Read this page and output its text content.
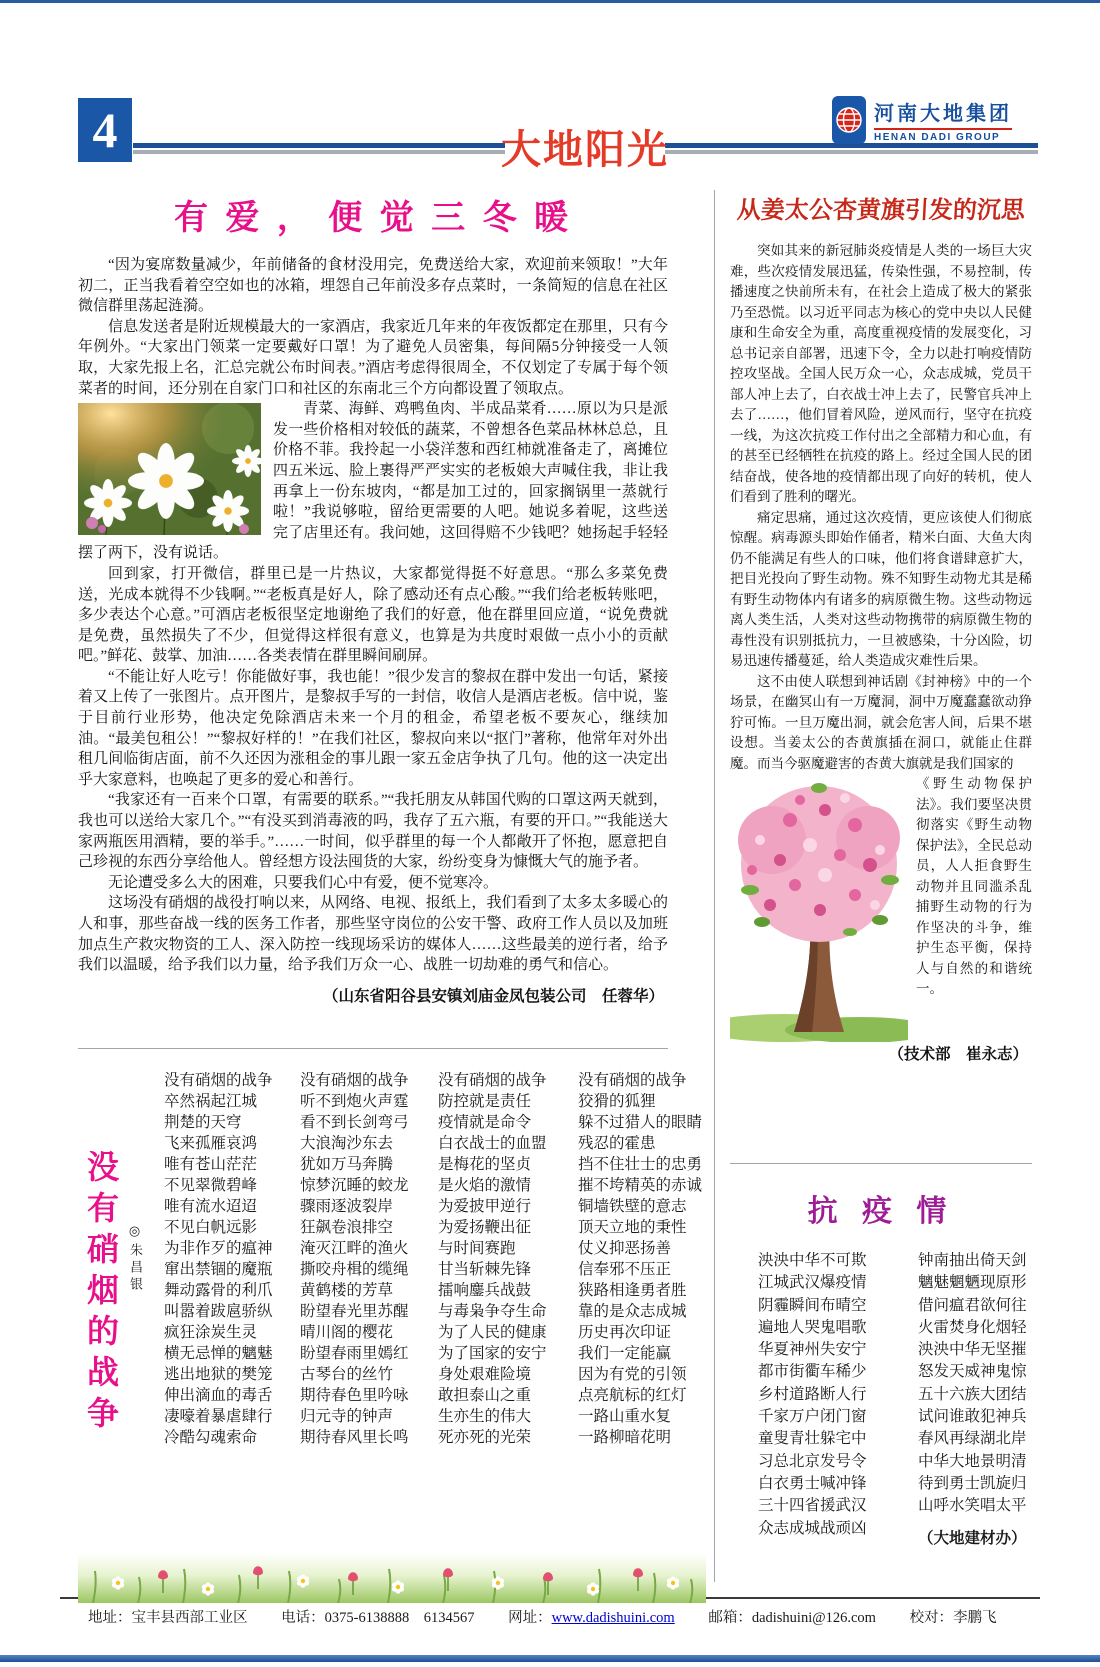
4	大地阳光
河南大地集团
HENAN DADI GROUP
有 爱 ， 便 觉 三 冬 暖

“因为宴席数量减少，年前储备的食材没用完，免费送给大家，欢迎前来领取！”大年初二，正当我看着空空如也的冰箱，埋怨自己年前没多存点菜时，一条简短的信息在社区微信群里荡起涟漪。

信息发送者是附近规模最大的一家酒店，我家近几年来的年夜饭都定在那里，只有今年例外。“大家出门领菜一定要戴好口罩！为了避免人员密集，每间隔5分钟接受一人领取，大家先报上名，汇总完就公布时间表。”酒店考虑得很周全，不仅划定了专属于每个领菜者的时间，还分别在自家门口和社区的东南北三个方向都设置了领取点。

青菜、海鲜、鸡鸭鱼肉、半成品菜肴……原以为只是派发一些价格相对较低的蔬菜，不曾想各色菜品林林总总，且价格不菲。我拎起一小袋洋葱和西红柿就准备走了，离摊位四五米远、脸上裹得严严实实的老板娘大声喊住我，非让我再拿上一份东坡肉，“都是加工过的，回家搁锅里一蒸就行啦！”我说够啦，留给更需要的人吧。她说多着呢，这些送完了店里还有。我问她，这回得赔不少钱吧？她扬起手轻轻摆了两下，没有说话。

回到家，打开微信，群里已是一片热议，大家都觉得挺不好意思。“那么多菜免费送，光成本就得不少钱啊。”“老板真是好人，除了感动还有点心酸。”“我们给老板转账吧，多少表达个心意。”可酒店老板很坚定地谢绝了我们的好意，他在群里回应道，“说免费就是免费，虽然损失了不少，但觉得这样很有意义，也算是为共度时艰做一点小小的贡献吧。”鲜花、鼓掌、加油……各类表情在群里瞬间刷屏。

“不能让好人吃亏！你能做好事，我也能！”很少发言的黎叔在群中发出一句话，紧接着又上传了一张图片。点开图片，是黎叔手写的一封信，收信人是酒店老板。信中说，鉴于目前行业形势，他决定免除酒店未来一个月的租金，希望老板不要灰心，继续加油。“最美包租公！”“黎叔好样的！”在我们社区，黎叔向来以“抠门”著称，他常年对外出租几间临街店面，前不久还因为涨租金的事儿跟一家五金店争执了几句。他的这一决定出乎大家意料，也唤起了更多的爱心和善行。

“我家还有一百来个口罩，有需要的联系。”“我托朋友从韩国代购的口罩这两天就到，我也可以送给大家几个。”“有没买到消毒液的吗，我存了五六瓶，有要的开口。”“我能送大家两瓶医用酒精，要的举手。”……一时间，似乎群里的每一个人都敞开了怀抱，愿意把自己珍视的东西分享给他人。曾经想方设法囤货的大家，纷纷变身为慷慨大气的施予者。

无论遭受多么大的困难，只要我们心中有爱，便不觉寒冷。

这场没有硝烟的战役打响以来，从网络、电视、报纸上，我们看到了太多太多暖心的人和事，那些奋战一线的医务工作者，那些坚守岗位的公安干警、政府工作人员以及加班加点生产救灾物资的工人、深入防控一线现场采访的媒体人……这些最美的逆行者，给予我们以温暖，给予我们以力量，给予我们万众一心、战胜一切劫难的勇气和信心。

（山东省阳谷县安镇刘庙金凤包装公司　任蓉华）
从姜太公杏黄旗引发的沉思

突如其来的新冠肺炎疫情是人类的一场巨大灾难，些次疫情发展迅猛，传染性强，不易控制，传播速度之快前所未有，在社会上造成了极大的紧张乃至恐慌。以习近平同志为核心的党中央以人民健康和生命安全为重，高度重视疫情的发展变化，习总书记亲自部署，迅速下令，全力以赴打响疫情防控攻坚战。全国人民万众一心，众志成城，党员干部人冲上去了，白衣战士冲上去了，民警官兵冲上去了……，他们冒着风险，逆风而行，坚守在抗疫一线，为这次抗疫工作付出之全部精力和心血，有的甚至已经牺牲在抗疫的路上。经过全国人民的团结奋战，使各地的疫情都出现了向好的转机，使人们看到了胜利的曙光。

痛定思痛，通过这次疫情，更应该使人们彻底惊醒。病毒源头即始作俑者，精米白面、大鱼大肉仍不能满足有些人的口味，他们将食谱肆意扩大，把目光投向了野生动物。殊不知野生动物尤其是稀有野生动物体内有诸多的病原微生物。这些动物远离人类生活，人类对这些动物携带的病原微生物的毒性没有识别抵抗力，一旦被感染，十分凶险，切易迅速传播蔓延，给人类造成灾难性后果。

这不由使人联想到神话剧《封神榜》中的一个场景，在幽冥山有一万魔洞，洞中万魔蠢蠢欲动狰狞可怖。一旦万魔出洞，就会危害人间，后果不堪设想。当姜太公的杏黄旗插在洞口，就能止住群魔。而当今驱魔避害的杏黄大旗就是我们国家的

《野生动物保护法》。我们要坚决贯彻落实《野生动物保护法》，全民总动员，人人拒食野生动物并且同滥杀乱捕野生动物的行为作坚决的斗争，维护生态平衡，保持人与自然的和谐统一。

（技术部　崔永志）
没有硝烟的战争 ◎朱昌银
没有硝烟的战争
卒然祸起江城
荆楚的天穹
飞来孤雁哀鸿
唯有苍山茫茫
不见翠微碧峰
唯有流水迢迢
不见白帆远影
为非作歹的瘟神
窜出禁锢的魔瓶
舞动露骨的利爪
叫嚣着跋扈骄纵
疯狂涂炭生灵
横无忌惮的魑魅
逃出地狱的樊笼
伸出滴血的毒舌
凄嚎着暴虐肆行
冷酷勾魂索命
没有硝烟的战争
听不到炮火声霆
看不到长剑弯弓
大浪淘沙东去
犹如万马奔腾
惊梦沉睡的蛟龙
骤雨逐波裂岸
狂飙卷浪排空
淹灭江畔的渔火
撕咬舟楫的缆绳
黄鹤楼的芳草
盼望春光里苏醒
晴川阁的樱花
盼望春雨里嫣红
古琴台的丝竹
期待春色里吟咏
归元寺的钟声
期待春风里长鸣
没有硝烟的战争
防控就是责任
疫情就是命令
白衣战士的血盟
是梅花的坚贞
是火焰的激情
为爱披甲逆行
为爱扬鞭出征
与时间赛跑
甘当斩棘先锋
擂响鏖兵战鼓
与毒枭争夺生命
为了人民的健康
为了国家的安宁
身处艰难险境
敢担泰山之重
生亦生的伟大
死亦死的光荣
没有硝烟的战争
狡猾的狐狸
躲不过猎人的眼睛
残忍的霍患
挡不住壮士的忠勇
摧不垮精英的赤诚
铜墙铁壁的意志
顶天立地的秉性
仗义抑恶扬善
信奉邪不压正
狭路相逢勇者胜
靠的是众志成城
历史再次印证
我们一定能赢
因为有党的引领
点亮航标的红灯
一路山重水复
一路柳暗花明
抗 疫 情
泱泱中华不可欺
江城武汉爆疫情
阴霾瞬间布晴空
遍地人哭鬼唱歌
华夏神州失安宁
都市街衢车稀少
乡村道路断人行
千家万户闭门窗
童叟青壮躲宅中
习总北京发号令
白衣勇士喊冲锋
三十四省援武汉
众志成城战顽凶
钟南抽出倚天剑
魑魅魍魉现原形
借问瘟君欲何往
火雷焚身化烟轻
泱泱中华无坚摧
怒发天威神鬼惊
五十六族大团结
试问谁敢犯神兵
春风再绿湖北岸
中华大地景明清
待到勇士凯旋归
山呼水笑唱太平
（大地建材办）
地址：宝丰县西部工业区 电话：0375-6138888　6134567 网址：www.dadishuini.com 邮箱：dadishuini@126.com 校对：李鹏飞
